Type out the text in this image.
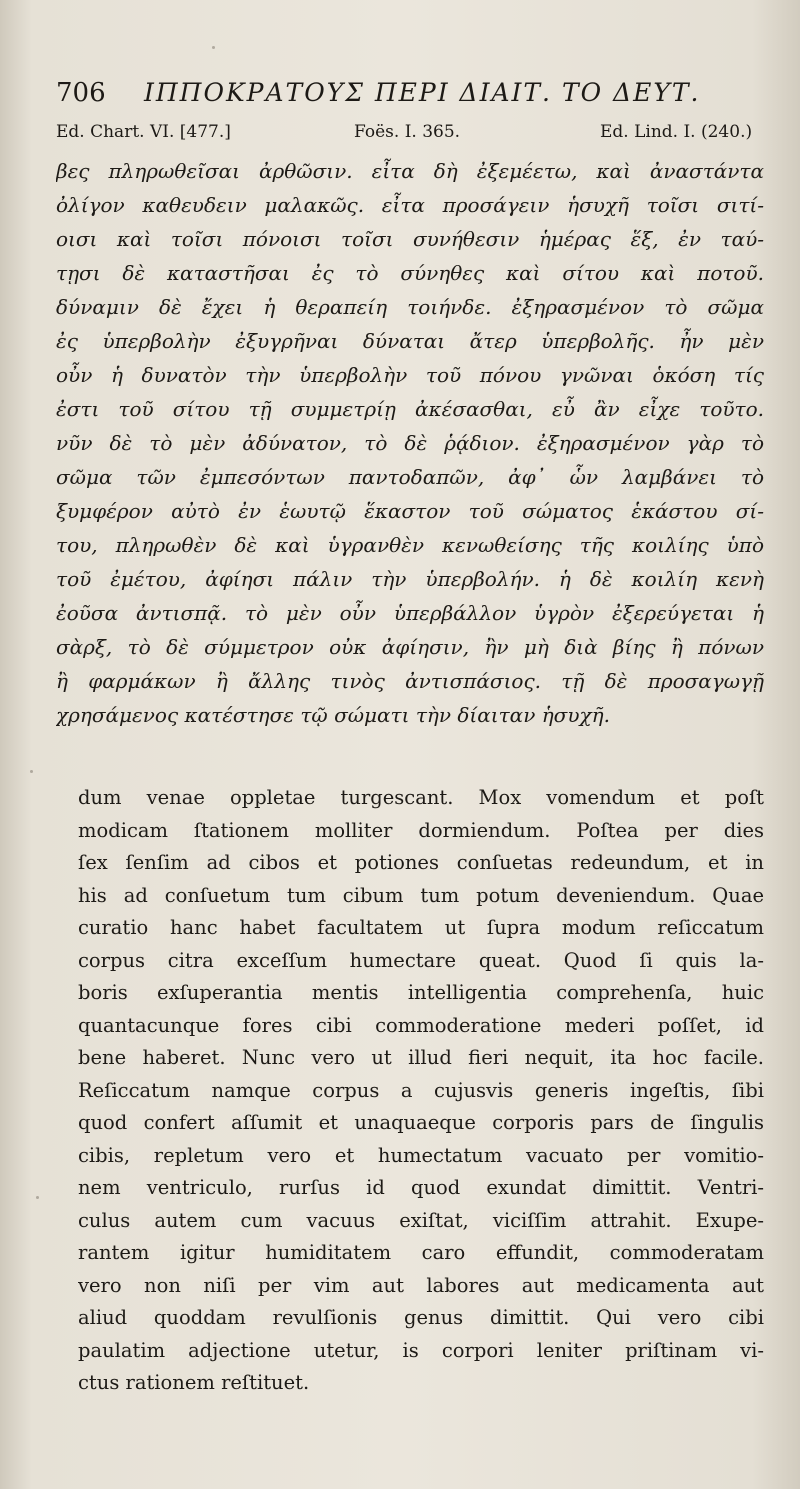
706 ΙΠΠΟΚΡΑΤΟΥΣ ΠΕΡΙ ΔΙΑΙΤ. ΤΟ ΔΕΥΤ.
Ed. Chart. VI. [477.]	Foës. I. 365.	Ed. Lind. I. (240.)
βες πληρωθεῖσαι ἀρθῶσιν. εἶτα δὴ ἐξεμέετω, καὶ ἀναστάντα
ὀλίγον καθευδειν μαλακῶς. εἶτα προσάγειν ἡσυχῆ τοῖσι σιτί-
οισι καὶ τοῖσι πόνοισι τοῖσι συνήθεσιν ἡμέρας ἕξ, ἐν ταύ-
τῃσι δὲ καταστῆσαι ἐς τὸ σύνηθες καὶ σίτου καὶ ποτοῦ.
δύναμιν δὲ ἔχει ἡ θεραπείη τοιήνδε. ἐξηρασμένον τὸ σῶμα
ἐς ὑπερβολὴν ἐξυγρῆναι δύναται ἄτερ ὑπερβολῆς. ἦν μὲν
οὖν ἡ δυνατὸν τὴν ὑπερβολὴν τοῦ πόνου γνῶναι ὁκόση τίς
ἐστι τοῦ σίτου τῇ συμμετρίῃ ἀκέσασθαι, εὖ ἂν εἶχε τοῦτο.
νῦν δὲ τὸ μὲν ἀδύνατον, τὸ δὲ ῥᾴδιον. ἐξηρασμένον γὰρ τὸ
σῶμα τῶν ἐμπεσόντων παντοδαπῶν, ἀφ᾽ ὧν λαμβάνει τὸ
ξυμφέρον αὐτὸ ἐν ἑωυτῷ ἕκαστον τοῦ σώματος ἑκάστου σί-
του, πληρωθὲν δὲ καὶ ὑγρανθὲν κενωθείσης τῆς κοιλίης ὑπὸ
τοῦ ἐμέτου, ἀφίησι πάλιν τὴν ὑπερβολήν. ἡ δὲ κοιλίη κενὴ
ἐοῦσα ἀντισπᾷ. τὸ μὲν οὖν ὑπερβάλλον ὑγρὸν ἐξερεύγεται ἡ
σὰρξ, τὸ δὲ σύμμετρον οὐκ ἀφίησιν, ἢν μὴ διὰ βίης ἢ πόνων
ἢ φαρμάκων ἢ ἄλλης τινὸς ἀντισπάσιος. τῇ δὲ προσαγωγῇ
χρησάμενος κατέστησε τῷ σώματι τὴν δίαιταν ἡσυχῆ.
dum venae oppletae turgescant. Mox vomendum et poſt
modicam ſtationem molliter dormiendum. Poſtea per dies
ſex ſenſim ad cibos et potiones conſuetas redeundum, et in
his ad conſuetum tum cibum tum potum deveniendum. Quae
curatio hanc habet facultatem ut ſupra modum reſiccatum
corpus citra exceſſum humectare queat. Quod ſi quis la-
boris exſuperantia mentis intelligentia comprehenſa, huic
quantacunque fores cibi commoderatione mederi poſſet, id
bene haberet. Nunc vero ut illud fieri nequit, ita hoc facile.
Reſiccatum namque corpus a cujusvis generis ingeſtis, ſibi
quod confert aſſumit et unaquaeque corporis pars de ſingulis
cibis, repletum vero et humectatum vacuato per vomitio-
nem ventriculo, rurſus id quod exundat dimittit. Ventri-
culus autem cum vacuus exiſtat, viciſſim attrahit. Exupe-
rantem igitur humiditatem caro effundit, commoderatam
vero non niſi per vim aut labores aut medicamenta aut
aliud quoddam revulſionis genus dimittit. Qui vero cibi
paulatim adjectione utetur, is corpori leniter priſtinam vi-
ctus rationem reſtituet.
